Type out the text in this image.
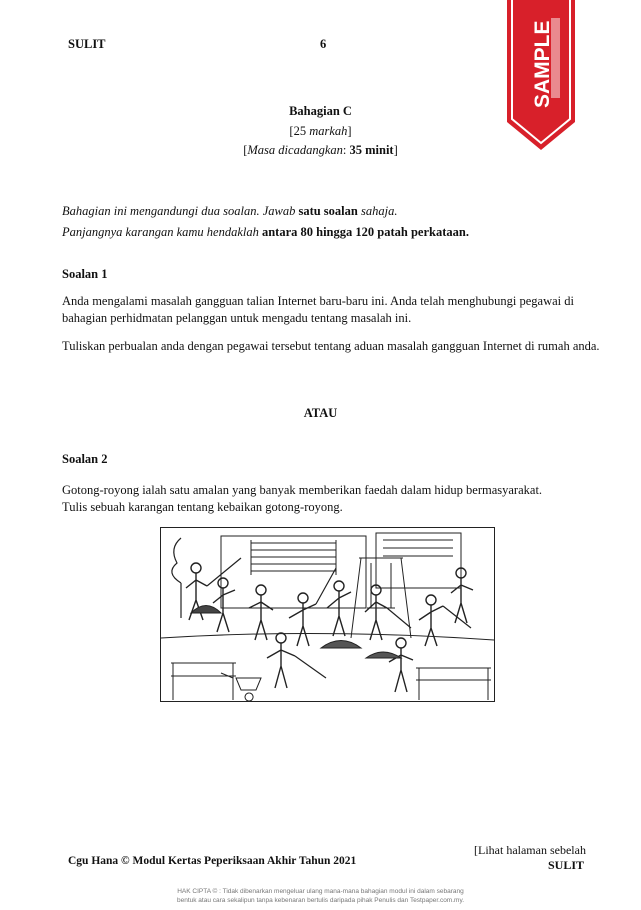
SULIT	6	SAMPLE
Bahagian C
[25 markah]
[Masa dicadangkan: 35 minit]
Bahagian ini mengandungi dua soalan. Jawab satu soalan sahaja.
Panjangnya karangan kamu hendaklah antara 80 hingga 120 patah perkataan.
Soalan 1
Anda mengalami masalah gangguan talian Internet baru-baru ini. Anda telah menghubungi pegawai di bahagian perhidmatan pelanggan untuk mengadu tentang masalah ini.
Tuliskan perbualan anda dengan pegawai tersebut tentang aduan masalah gangguan Internet di rumah anda.
ATAU
Soalan 2
Gotong-royong ialah satu amalan yang banyak memberikan faedah dalam hidup bermasyarakat.
Tulis sebuah karangan tentang kebaikan gotong-royong.
Cgu Hana © Modul Kertas Peperiksaan Akhir Tahun 2021
[Lihat halaman sebelah
SULIT
HAK CIPTA © : Tidak dibenarkan mengeluar ulang mana-mana bahagian modul ini dalam sebarang
bentuk atau cara sekalipun tanpa kebenaran bertulis daripada pihak Penulis dan Testpaper.com.my.
